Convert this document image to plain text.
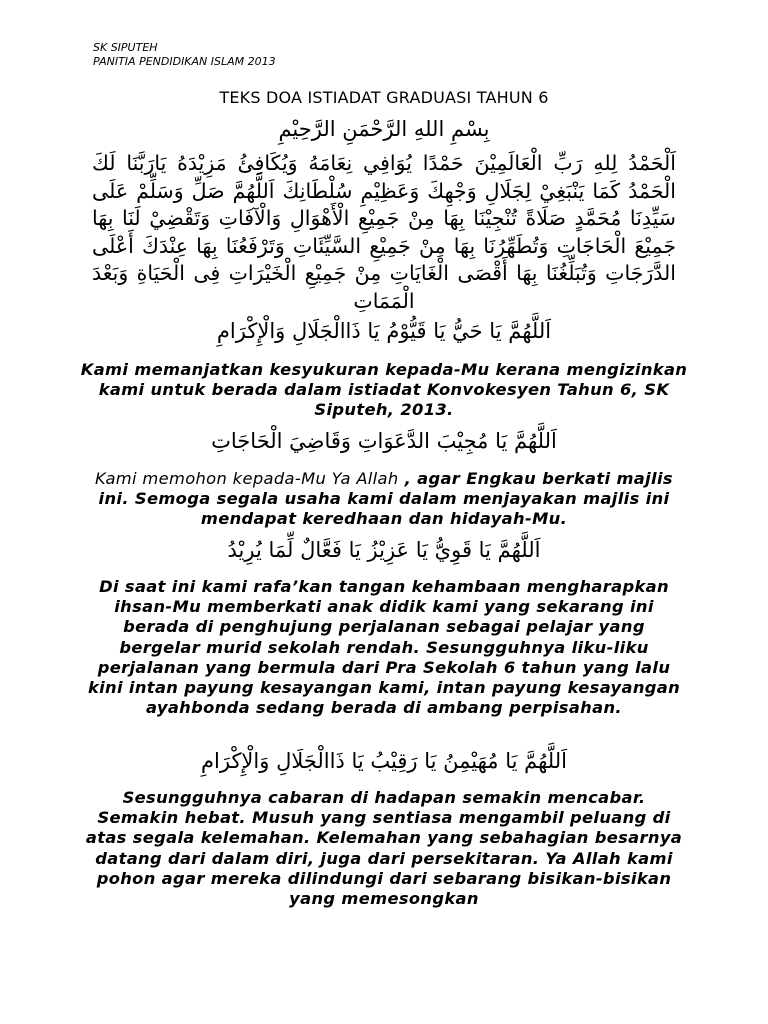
SK SIPUTEH
PANITIA PENDIDIKAN ISLAM 2013
TEKS DOA ISTIADAT GRADUASI TAHUN 6
بِسْمِ اللهِ الرَّحْمَنِ الرَّحِيْمِ
اَلْحَمْدُ لِلهِ رَبِّ الْعَالَمِيْنَ حَمْدًا يُوَافِي نِعَامَهُ وَيُكَافِئُ مَزِيْدَهُ يَارَبَّنَا لَكَ الْحَمْدُ كَمَا يَنْبَغِيْ لِجَلَالِ وَجْهِكَ وَعَظِيْمِ سُلْطَانِكَ اَللَّهُمَّ صَلِّ وَسَلِّمْ عَلَى سَيِّدِنَا مُحَمَّدٍ صَلَاةً تُنْجِيْنَا بِهَا مِنْ جَمِيْعِ الْأَهْوَالِ وَالْآفَاتِ وَتَقْضِيْ لَنَا بِهَا جَمِيْعَ الْحَاجَاتِ وَتُطَهِّرُنَا بِهَا مِنْ جَمِيْعِ السَّيِّئَاتِ وَتَرْفَعُنَا بِهَا عِنْدَكَ أَعْلَى الدَّرَجَاتِ وَتُبَلِّغُنَا بِهَا أَقْصَى الْغَايَاتِ مِنْ جَمِيْعِ الْخَيْرَاتِ فِى الْحَيَاةِ وَبَعْدَ الْمَمَاتِ
اَللَّهُمَّ يَا حَيُّ يَا قَيُّوْمُ يَا ذَاالْجَلَالِ وَالْإِكْرَامِ
Kami memanjatkan kesyukuran kepada-Mu kerana mengizinkan kami untuk berada dalam istiadat Konvokesyen Tahun 6, SK Siputeh, 2013.
اَللَّهُمَّ يَا مُجِيْبَ الدَّعَوَاتِ وَقَاضِيَ الْحَاجَاتِ
Kami memohon kepada-Mu Ya Allah , agar Engkau berkati majlis ini. Semoga segala usaha kami dalam menjayakan majlis ini mendapat keredhaan dan hidayah-Mu.
اَللَّهُمَّ يَا قَوِيُّ يَا عَزِيْزُ يَا فَعَّالٌ لِّمَا يُرِيْدُ
Di saat ini kami rafa’kan tangan kehambaan mengharapkan ihsan-Mu memberkati anak didik kami yang sekarang ini berada di penghujung perjalanan sebagai pelajar yang bergelar murid sekolah rendah. Sesungguhnya liku-liku perjalanan yang bermula dari Pra Sekolah 6 tahun yang lalu kini intan payung kesayangan kami, intan payung kesayangan ayahbonda sedang berada di ambang perpisahan.
اَللَّهُمَّ يَا مُهَيْمِنُ يَا رَقِيْبُ يَا ذَاالْجَلَالِ وَالْإِكْرَامِ
Sesungguhnya cabaran di hadapan semakin mencabar. Semakin hebat. Musuh yang sentiasa mengambil peluang di atas segala kelemahan. Kelemahan yang sebahagian besarnya datang dari dalam diri, juga dari persekitaran. Ya Allah kami pohon agar mereka dilindungi dari sebarang bisikan-bisikan yang memesongkan
